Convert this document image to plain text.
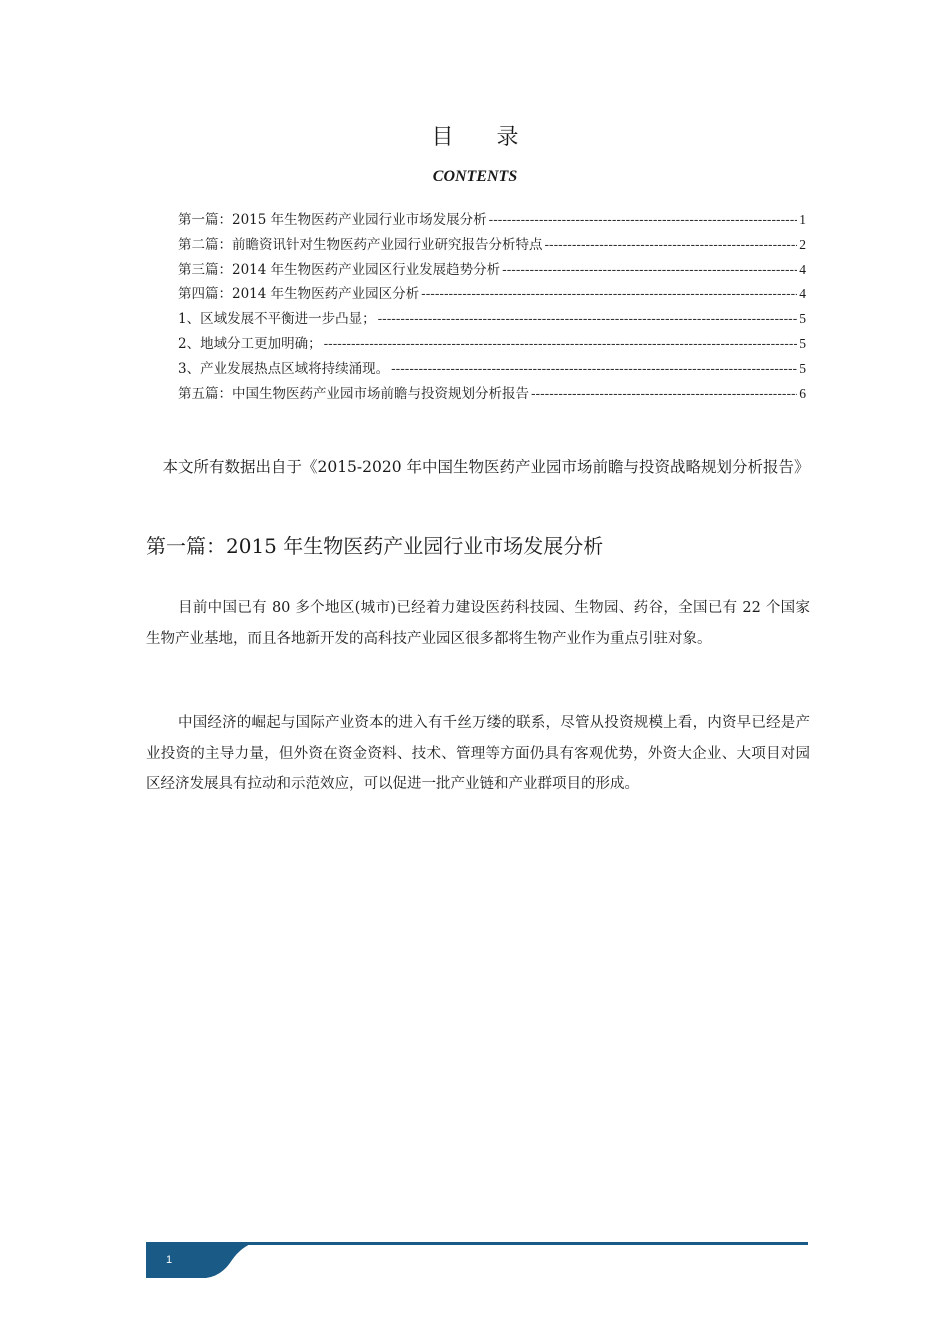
目 录
CONTENTS
第一篇：2015 年生物医药产业园行业市场发展分析 -----	1
第二篇：前瞻资讯针对生物医药产业园行业研究报告分析特点 -----	2
第三篇：2014 年生物医药产业园区行业发展趋势分析 -----	4
第四篇：2014 年生物医药产业园区分析 -----	4
1、区域发展不平衡进一步凸显； -----	5
2、地域分工更加明确； -----	5
3、产业发展热点区域将持续涌现。 -----	5
第五篇：中国生物医药产业园市场前瞻与投资规划分析报告 -----	6
本文所有数据出自于《2015-2020 年中国生物医药产业园市场前瞻与投资战略规划分析报告》
第一篇：2015 年生物医药产业园行业市场发展分析

目前中国已有 80 多个地区(城市)已经着力建设医药科技园、生物园、药谷，全国已有 22 个国家生物产业基地，而且各地新开发的高科技产业园区很多都将生物产业作为重点引驻对象。

中国经济的崛起与国际产业资本的进入有千丝万缕的联系，尽管从投资规模上看，内资早已经是产业投资的主导力量，但外资在资金资料、技术、管理等方面仍具有客观优势，外资大企业、大项目对园区经济发展具有拉动和示范效应，可以促进一批产业链和产业群项目的形成。

1
